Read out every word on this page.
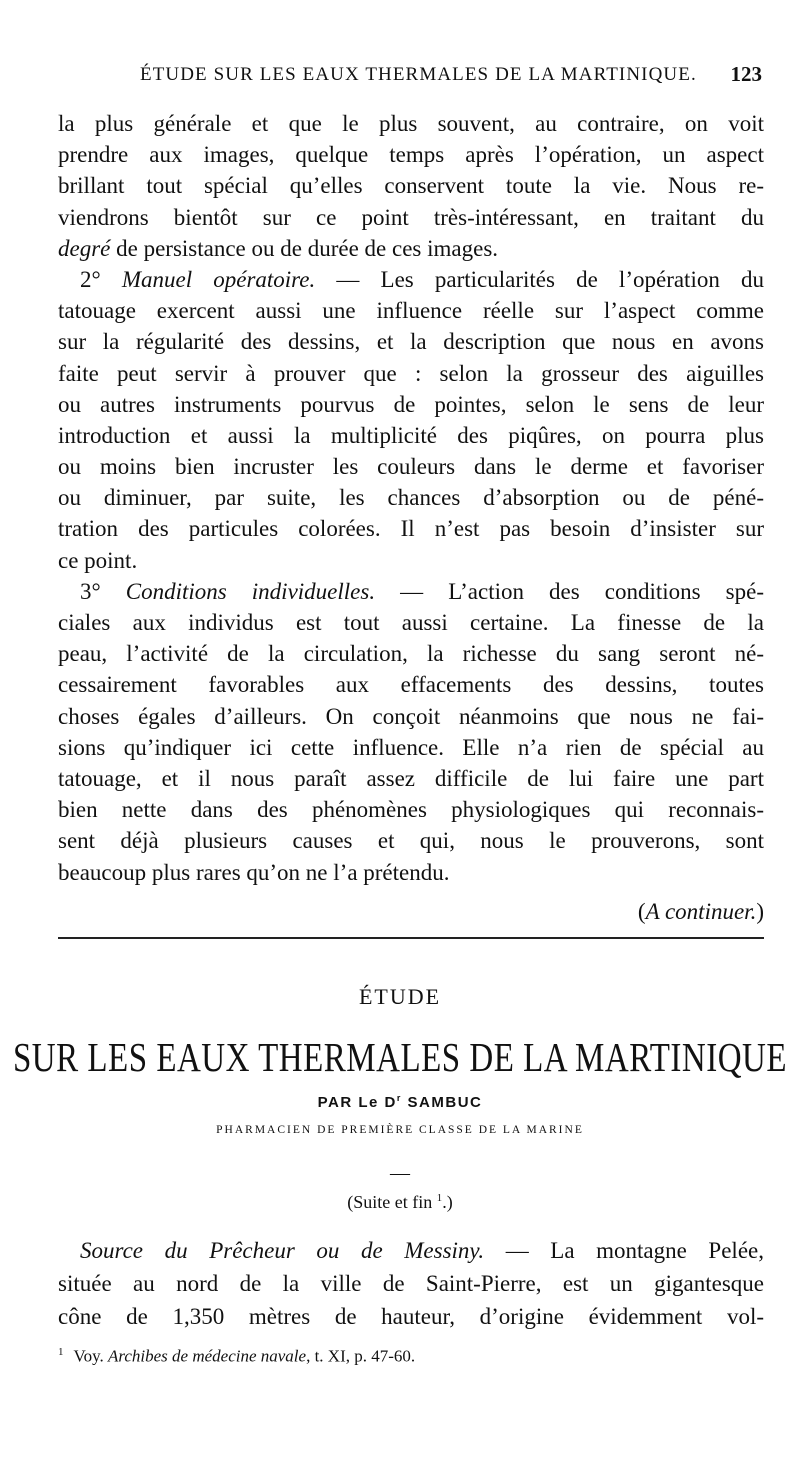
ÉTUDE SUR LES EAUX THERMALES DE LA MARTINIQUE. 123
la plus générale et que le plus souvent, au contraire, on voit
prendre aux images, quelque temps après l’opération, un aspect
brillant tout spécial qu’elles conservent toute la vie. Nous re-
viendrons bientôt sur ce point très-intéressant, en traitant du
degré de persistance ou de durée de ces images.
2° Manuel opératoire. — Les particularités de l’opération du
tatouage exercent aussi une influence réelle sur l’aspect comme
sur la régularité des dessins, et la description que nous en avons
faite peut servir à prouver que : selon la grosseur des aiguilles
ou autres instruments pourvus de pointes, selon le sens de leur
introduction et aussi la multiplicité des piqûres, on pourra plus
ou moins bien incruster les couleurs dans le derme et favoriser
ou diminuer, par suite, les chances d’absorption ou de péné-
tration des particules colorées. Il n’est pas besoin d’insister sur
ce point.
3° Conditions individuelles. — L’action des conditions spé-
ciales aux individus est tout aussi certaine. La finesse de la
peau, l’activité de la circulation, la richesse du sang seront né-
cessairement favorables aux effacements des dessins, toutes
choses égales d’ailleurs. On conçoit néanmoins que nous ne fai-
sions qu’indiquer ici cette influence. Elle n’a rien de spécial au
tatouage, et il nous paraît assez difficile de lui faire une part
bien nette dans des phénomènes physiologiques qui reconnais-
sent déjà plusieurs causes et qui, nous le prouverons, sont
beaucoup plus rares qu’on ne l’a prétendu.
(A continuer.)
ÉTUDE
SUR LES EAUX THERMALES DE LA MARTINIQUE
PAR Le $D^r$ SAMBUC
PHARMACIEN DE PREMIÈRE CLASSE DE LA MARINE
—
(Suite et fin $^1$.)
Source du Prêcheur ou de Messiny. — La montagne Pelée,
située au nord de la ville de Saint-Pierre, est un gigantesque
cône de 1,350 mètres de hauteur, d’origine évidemment vol-
$^1$ Voy. Archibes de médecine navale, t. XI, p. 47-60.
